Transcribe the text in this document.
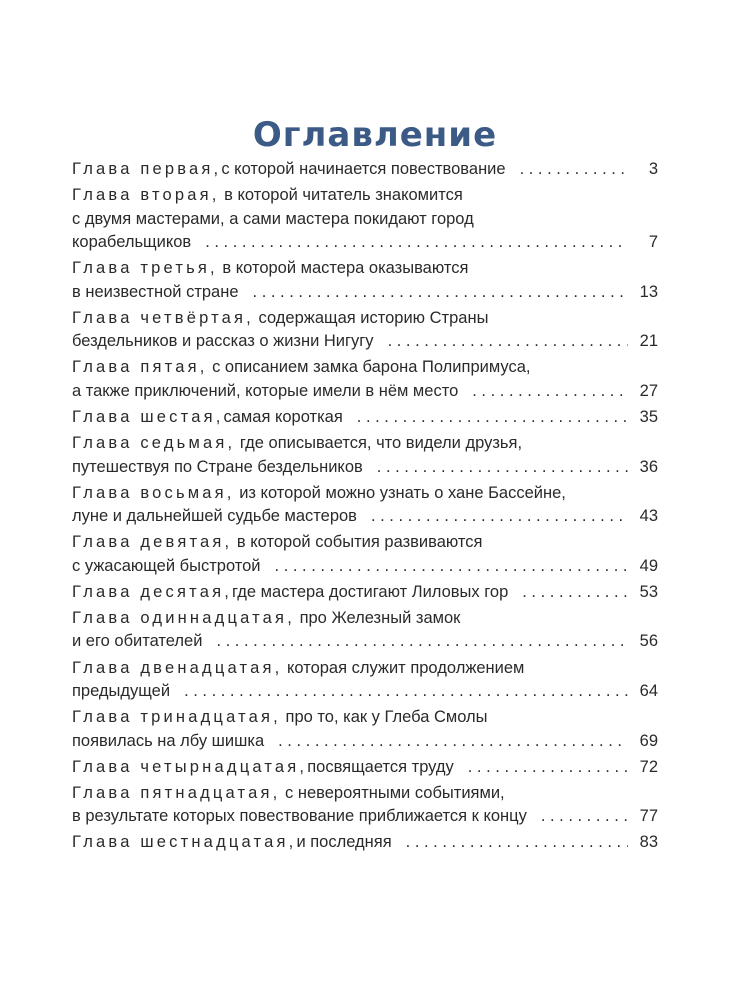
Оглавление
Глава первая, с которой начинается повествование . . .	3
Глава вторая, в которой читатель знакомится
с двумя мастерами, а сами мастера покидают город
корабельщиков . . .	7
Глава третья, в которой мастера оказываются
в неизвестной стране . . .	13
Глава четвёртая, содержащая историю Страны
бездельников и рассказ о жизни Нигугу . . .	21
Глава пятая, с описанием замка барона Полипримуса,
а также приключений, которые имели в нём место . . .	27
Глава шестая, самая короткая . . .	35
Глава седьмая, где описывается, что видели друзья,
путешествуя по Стране бездельников . . .	36
Глава восьмая, из которой можно узнать о хане Бассейне,
луне и дальнейшей судьбе мастеров . . .	43
Глава девятая, в которой события развиваются
с ужасающей быстротой . . .	49
Глава десятая, где мастера достигают Лиловых гор . . .	53
Глава одиннадцатая, про Железный замок
и его обитателей . . .	56
Глава двенадцатая, которая служит продолжением
предыдущей . . .	64
Глава тринадцатая, про то, как у Глеба Смолы
появилась на лбу шишка . . .	69
Глава четырнадцатая, посвящается труду . . .	72
Глава пятнадцатая, с невероятными событиями,
в результате которых повествование приближается к концу . . .	77
Глава шестнадцатая, и последняя . . .	83
